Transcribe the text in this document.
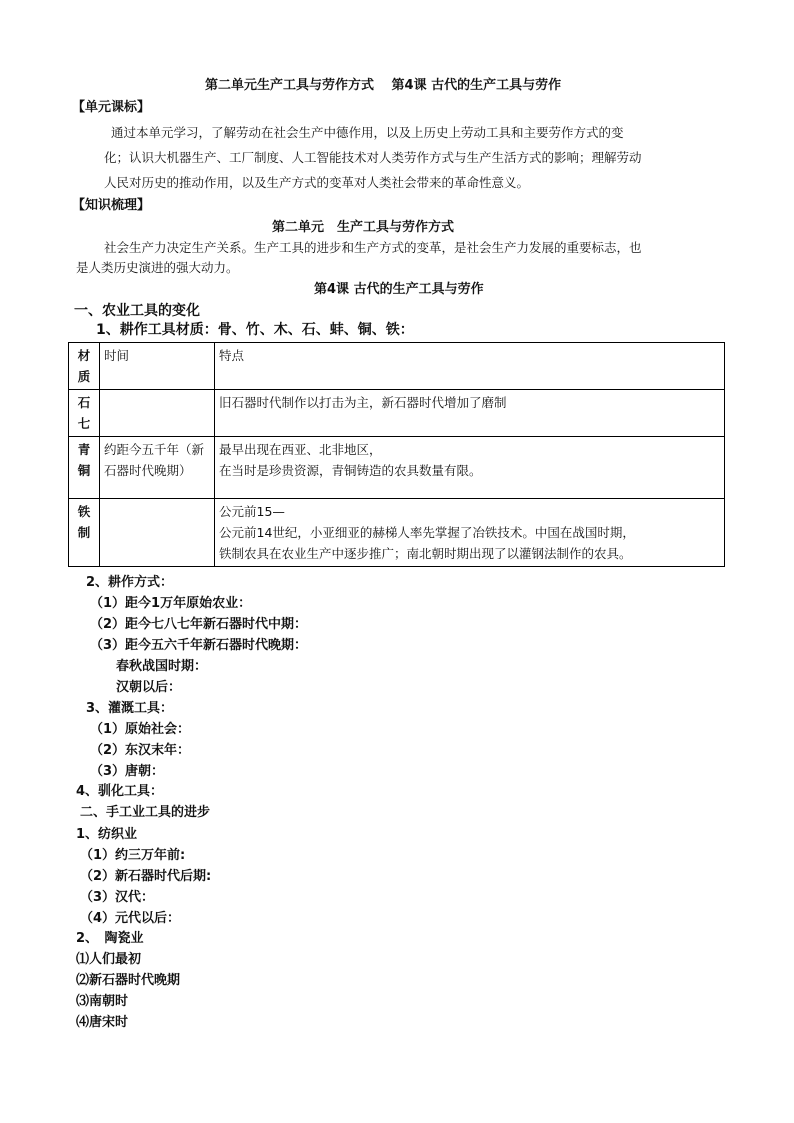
第二单元生产工具与劳作方式　 第4课 古代的生产工具与劳作
【单元课标】
通过本单元学习，了解劳动在社会生产中德作用，以及上历史上劳动工具和主要劳作方式的变
化；认识大机器生产、工厂制度、人工智能技术对人类劳作方式与生产生活方式的影响；理解劳动
人民对历史的推动作用，以及生产方式的变革对人类社会带来的革命性意义。
【知识梳理】
第二单元　生产工具与劳作方式
社会生产力决定生产关系。生产工具的进步和生产方式的变革，是社会生产力发展的重要标志，也
是人类历史演进的强大动力。
第4课 古代的生产工具与劳作
一、农业工具的变化
1、耕作工具材质：骨、竹、木、石、蚌、铜、铁：
材质	时间	特点
石七		旧石器时代制作以打击为主，新石器时代增加了磨制

青铜	约距今五千年（新石器时代晚期）	最早出现在西亚、北非地区，
在当时是珍贵资源，青铜铸造的农具数量有限。

铁制		公元前15—
公元前14世纪，小亚细亚的赫梯人率先掌握了冶铁技术。中国在战国时期，
铁制农具在农业生产中逐步推广；南北朝时期出现了以灌钢法制作的农具。
2、耕作方式：
（1）距今1万年原始农业：
（2）距今七八七年新石器时代中期：
（3）距今五六千年新石器时代晚期：
春秋战国时期：
汉朝以后：
3、灌溉工具：
（1）原始社会：
（2）东汉末年：
（3）唐朝：
4、驯化工具：
二、手工业工具的进步
1、纺织业
（1）约三万年前:
（2）新石器时代后期:
（3）汉代：
（4）元代以后：
2、　陶瓷业
⑴人们最初
⑵新石器时代晚期
⑶南朝时
⑷唐宋时
